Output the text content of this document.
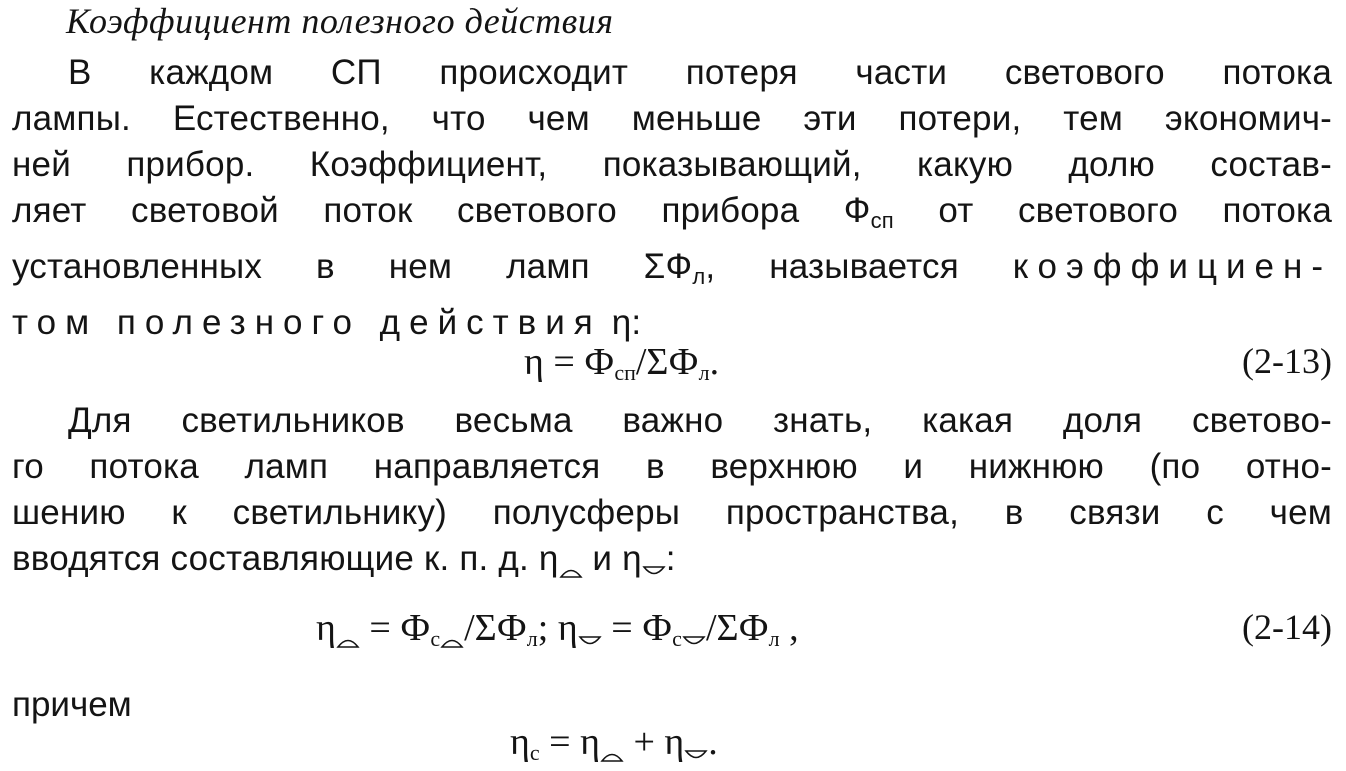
Коэффициент полезного действия
В каждом СП происходит потеря части светового потока
лампы. Естественно, что чем меньше эти потери, тем экономич-
ней прибор. Коэффициент, показывающий, какую долю состав-
ляет световой поток светового прибора $Ф_{сп}$ от светового потока
установленных в нем ламп $\Sigma Ф_л$, называется коэффициен-
том полезного действия η:
$\eta = Ф_{сп}/\Sigma Ф_л$.	(2-13)
Для светильников весьма важно знать, какая доля светово-
го потока ламп направляется в верхнюю и нижнюю (по отно-
шению к светильнику) полусферы пространства, в связи с чем
вводятся составляющие к. п. д. η
и η :
η
= $Ф_с$ $/\Sigma Ф_л$; η
= $Ф_с$ $/\Sigma Ф_л$ ,	(2-14)
причем
$\eta_с = \eta$
+ η .
